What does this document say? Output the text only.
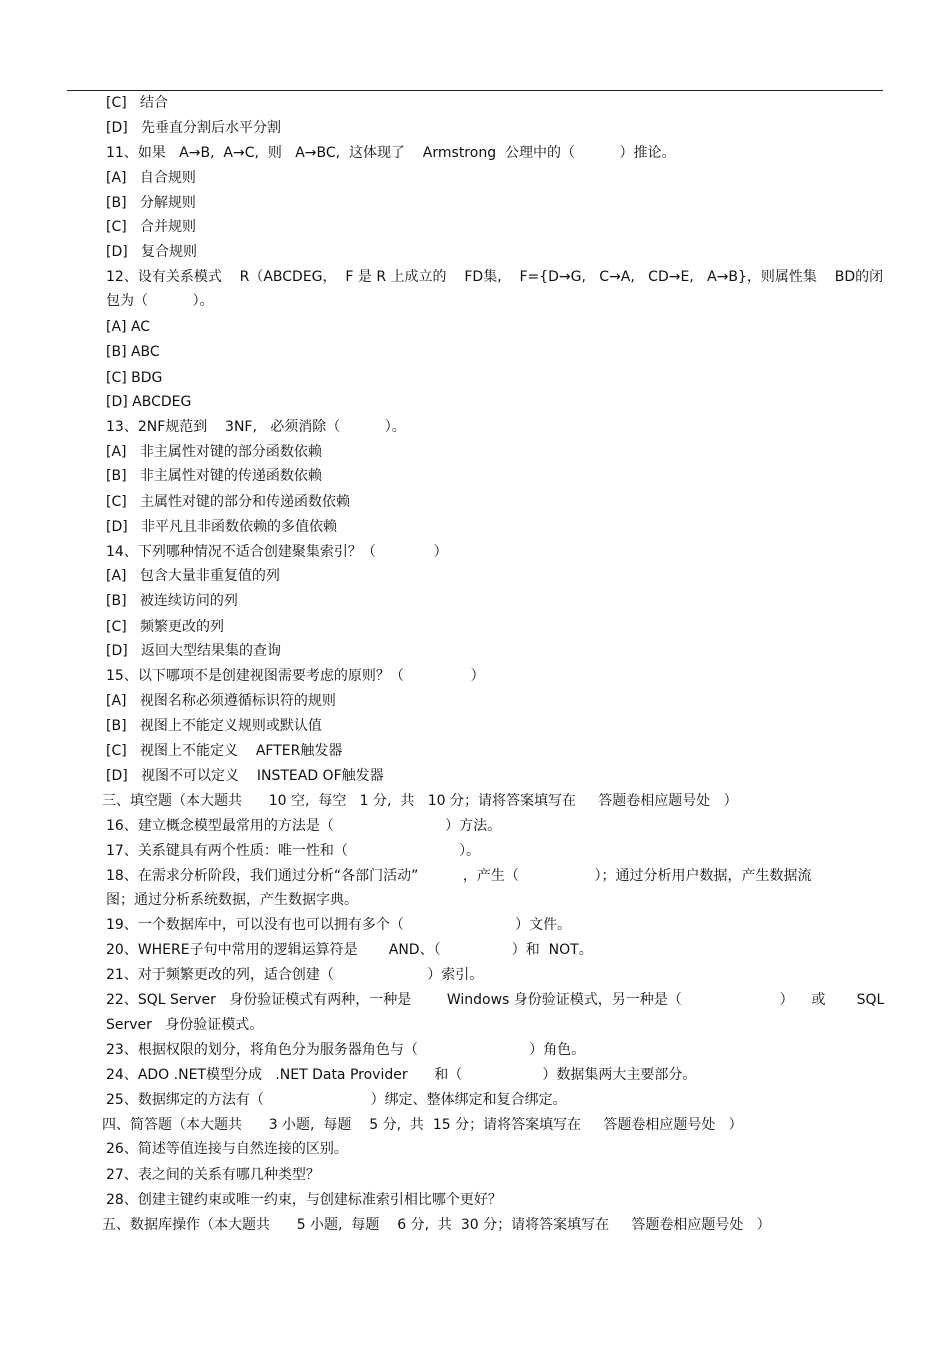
[C]   结合
[D]   先垂直分割后水平分割
11、如果   A→B,  A→C,  则   A→BC,  这体现了    Armstrong  公理中的（          ）推论。
[A]   自合规则
[B]   分解规则
[C]   合并规则
[D]   复合规则
12、设有关系模式    R（ABCDEG，  F 是 R 上成立的    FD集,    F={D→G,   C→A,   CD→E,   A→B}，则属性集    BD的闭
包为（          ）。
[A] AC
[B] ABC
[C] BDG
[D] ABCDEG
13、2NF规范到    3NF,   必须消除（          ）。
[A]   非主属性对键的部分函数依赖
[B]   非主属性对键的传递函数依赖
[C]   主属性对键的部分和传递函数依赖
[D]   非平凡且非函数依赖的多值依赖
14、下列哪种情况不适合创建聚集索引？（             ）
[A]   包含大量非重复值的列
[B]   被连续访问的列
[C]   频繁更改的列
[D]   返回大型结果集的查询
15、以下哪项不是创建视图需要考虑的原则？（               ）
[A]   视图名称必须遵循标识符的规则
[B]   视图上不能定义规则或默认值
[C]   视图上不能定义    AFTER触发器
[D]   视图不可以定义    INSTEAD OF触发器
三、填空题（本大题共      10 空,  每空   1 分,  共   10 分；请将答案填写在     答题卷相应题号处   ）
16、建立概念模型最常用的方法是（                         ）方法。
17、关系键具有两个性质：唯一性和（                         ）。
18、在需求分析阶段，我们通过分析“各部门活动”          ，产生（                 ）；通过分析用户数据，产生数据流
图；通过分析系统数据，产生数据字典。
19、一个数据库中，可以没有也可以拥有多个（                         ）文件。
20、WHERE子句中常用的逻辑运算符是       AND、（                ）和  NOT。
21、对于频繁更改的列，适合创建（                     ）索引。
22、SQL Server   身份验证模式有两种，一种是        Windows 身份验证模式，另一种是（                      ）    或       SQL
Server   身份验证模式。
23、根据权限的划分，将角色分为服务器角色与（                         ）角色。
24、ADO .NET模型分成   .NET Data Provider      和（                  ）数据集两大主要部分。
25、数据绑定的方法有（                        ）绑定、整体绑定和复合绑定。
四、简答题（本大题共      3 小题,  每题    5 分,  共  15 分；请将答案填写在     答题卷相应题号处   ）
26、简述等值连接与自然连接的区别。
27、表之间的关系有哪几种类型？
28、创建主键约束或唯一约束，与创建标准索引相比哪个更好？
五、数据库操作（本大题共      5 小题,  每题    6 分,  共  30 分；请将答案填写在     答题卷相应题号处   ）
